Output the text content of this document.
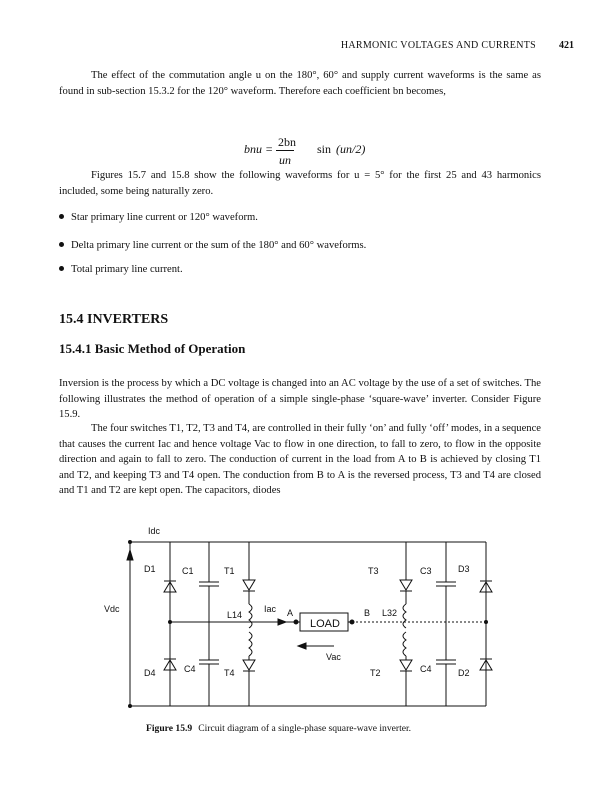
HARMONIC VOLTAGES AND CURRENTS 421
The effect of the commutation angle u on the 180°, 60° and supply current waveforms is the same as found in sub-section 15.3.2 for the 120° waveform. Therefore each coefficient bn becomes,
bnu = 2bn
un
sin (un/2)
Figures 15.7 and 15.8 show the following waveforms for u = 5° for the first 25 and 43 harmonics included, some being naturally zero.
Star primary line current or 120° waveform.
Delta primary line current or the sum of the 180° and 60° waveforms.
Total primary line current.
15.4 INVERTERS
15.4.1 Basic Method of Operation
Inversion is the process by which a DC voltage is changed into an AC voltage by the use of a set of switches. The following illustrates the method of operation of a simple single-phase ‘square-wave’ inverter. Consider Figure 15.9.
The four switches T1, T2, T3 and T4, are controlled in their fully ‘on’ and fully ‘off’ modes, in a sequence that causes the current Iac and hence voltage Vac to flow in one direction, to fall to zero, to flow in the opposite direction and again to fall to zero. The conduction of current in the load from A to B is achieved by closing T1 and T2, and keeping T3 and T4 open. The conduction from B to A is the reversed process, T3 and T4 are closed and T1 and T2 are kept open. The capacitors, diodes
Idc
Vdc
D1	C1	T1	T3	C3	D3
L14
Iac A
LOAD
B L32
Vac
D4	C4	T4	T2	C4	D2
Figure 15.9 Circuit diagram of a single-phase square-wave inverter.
